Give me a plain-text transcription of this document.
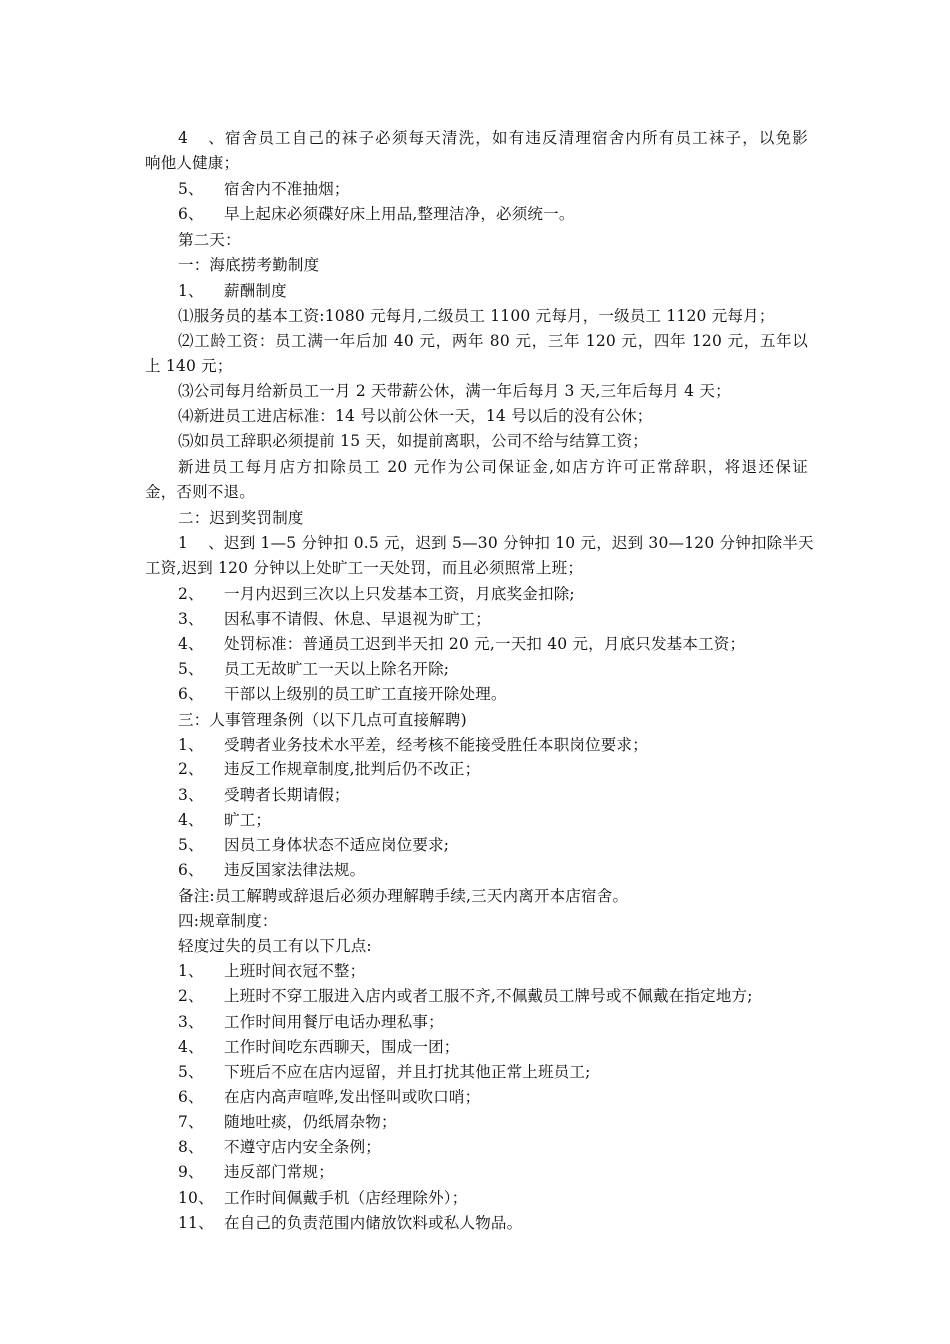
4、宿舍员工自己的袜子必须每天清洗，如有违反清理宿舍内所有员工袜子，以免影
响他人健康；
5、 宿舍内不准抽烟；
6、 早上起床必须碟好床上用品,整理洁净，必须统一。
第二天：
一：海底捞考勤制度
1、 薪酬制度
⑴服务员的基本工资:1080 元每月,二级员工 1100 元每月，一级员工 1120 元每月；
⑵工龄工资：员工满一年后加 40 元，两年 80 元，三年 120 元，四年 120 元，五年以
上 140 元；
⑶公司每月给新员工一月 2 天带薪公休，满一年后每月 3 天,三年后每月 4 天；
⑷新进员工进店标准：14 号以前公休一天，14 号以后的没有公休；
⑸如员工辞职必须提前 15 天，如提前离职，公司不给与结算工资；
新进员工每月店方扣除员工 20 元作为公司保证金,如店方许可正常辞职，将退还保证
金，否则不退。
二：迟到奖罚制度
1、迟到 1—5 分钟扣 0.5 元，迟到 5—30 分钟扣 10 元，迟到 30—120 分钟扣除半天
工资,迟到 120 分钟以上处旷工一天处罚，而且必须照常上班；
2、 一月内迟到三次以上只发基本工资，月底奖金扣除;
3、 因私事不请假、休息、早退视为旷工；
4、 处罚标准：普通员工迟到半天扣 20 元,一天扣 40 元，月底只发基本工资；
5、 员工无故旷工一天以上除名开除;
6、 干部以上级别的员工旷工直接开除处理。
三：人事管理条例（以下几点可直接解聘)
1、 受聘者业务技术水平差，经考核不能接受胜任本职岗位要求；
2、 违反工作规章制度,批判后仍不改正；
3、 受聘者长期请假；
4、 旷工；
5、 因员工身体状态不适应岗位要求;
6、 违反国家法律法规。
备注:员工解聘或辞退后必须办理解聘手续,三天内离开本店宿舍。
四:规章制度：
轻度过失的员工有以下几点:
1、 上班时间衣冠不整；
2、 上班时不穿工服进入店内或者工服不齐,不佩戴员工牌号或不佩戴在指定地方;
3、 工作时间用餐厅电话办理私事；
4、 工作时间吃东西聊天，围成一团；
5、 下班后不应在店内逗留，并且打扰其他正常上班员工;
6、 在店内高声喧哗,发出怪叫或吹口哨；
7、 随地吐痰，仍纸屑杂物；
8、 不遵守店内安全条例；
9、 违反部门常规；
10、 工作时间佩戴手机（店经理除外）；
11、 在自己的负责范围内储放饮料或私人物品。
